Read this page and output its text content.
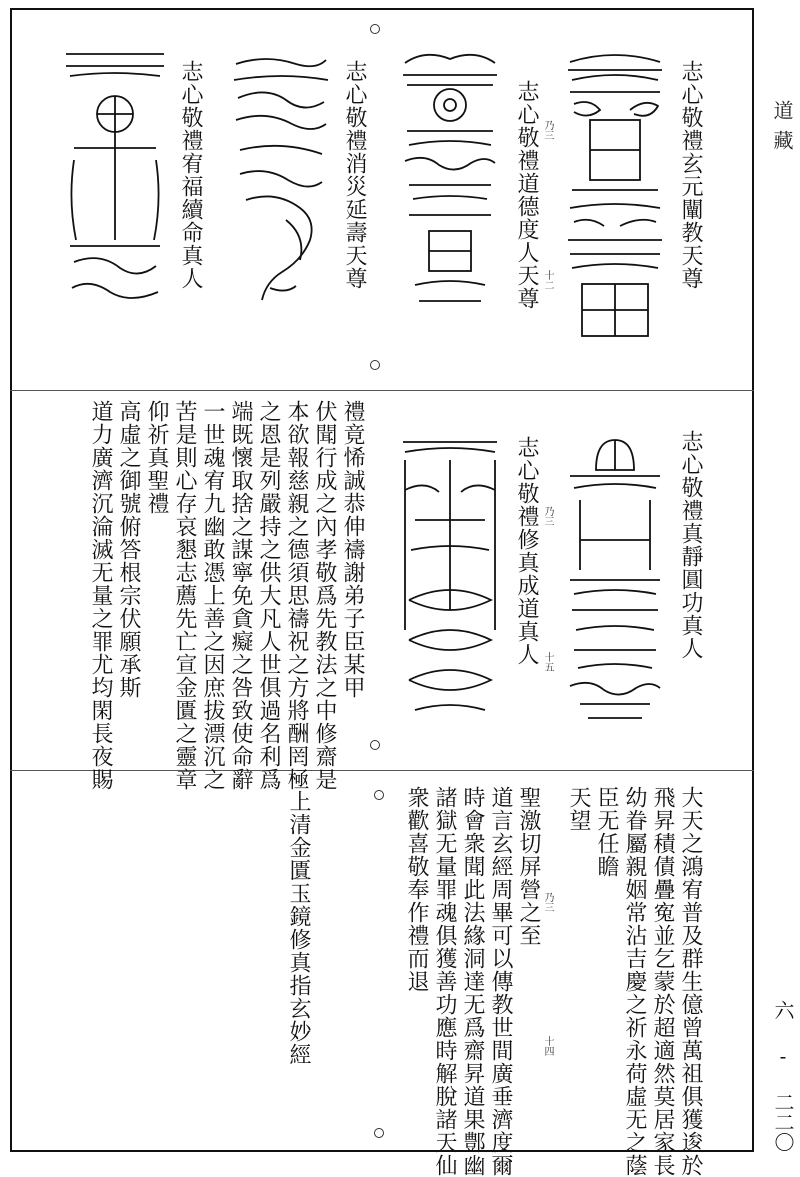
道藏
六 - 二二〇
志心敬禮玄元闡教天尊
志心敬禮道德度人天尊
志心敬禮消災延壽天尊
志心敬禮宥福續命真人	乃三
十二
志心敬禮真靜圓功真人
志心敬禮修真成道真人 乃三
十五
禮竟悕誠恭伸禱謝弟子臣某甲
伏聞行成之內孝敬爲先教法之中修齋是
本欲報慈親之德須思禱祝之方將酬罔極
之恩是列嚴持之供大凡人世俱過名利爲
端既懷取捨之謀寧免貪癡之咎致使命辭
一世魂宥九幽敢憑上善之因庶拔漂沉之
苦是則心存哀懇志薦先亡宣金匱之靈章
仰祈真聖禮
高虛之御號俯答根宗伏願承斯
道力廣濟沉淪滅无量之罪尤均閑長夜賜
大天之鴻宥普及群生億曾萬祖俱獲逡於
飛昇積債疊寃並乞蒙於超適然莫居家長
幼眷屬親姻常沾吉慶之祈永荷虛无之蔭
臣无任瞻
天望
聖激切屏營之至
道言玄經周畢可以傳教世間廣垂濟度爾
時會衆聞此法緣洞達无爲齋昇道果鄷幽
諸獄无量罪魂俱獲善功應時解脫諸天仙
衆歡喜敬奉作禮而退	乃三
十四
上清金匱玉鏡修真指玄妙經
